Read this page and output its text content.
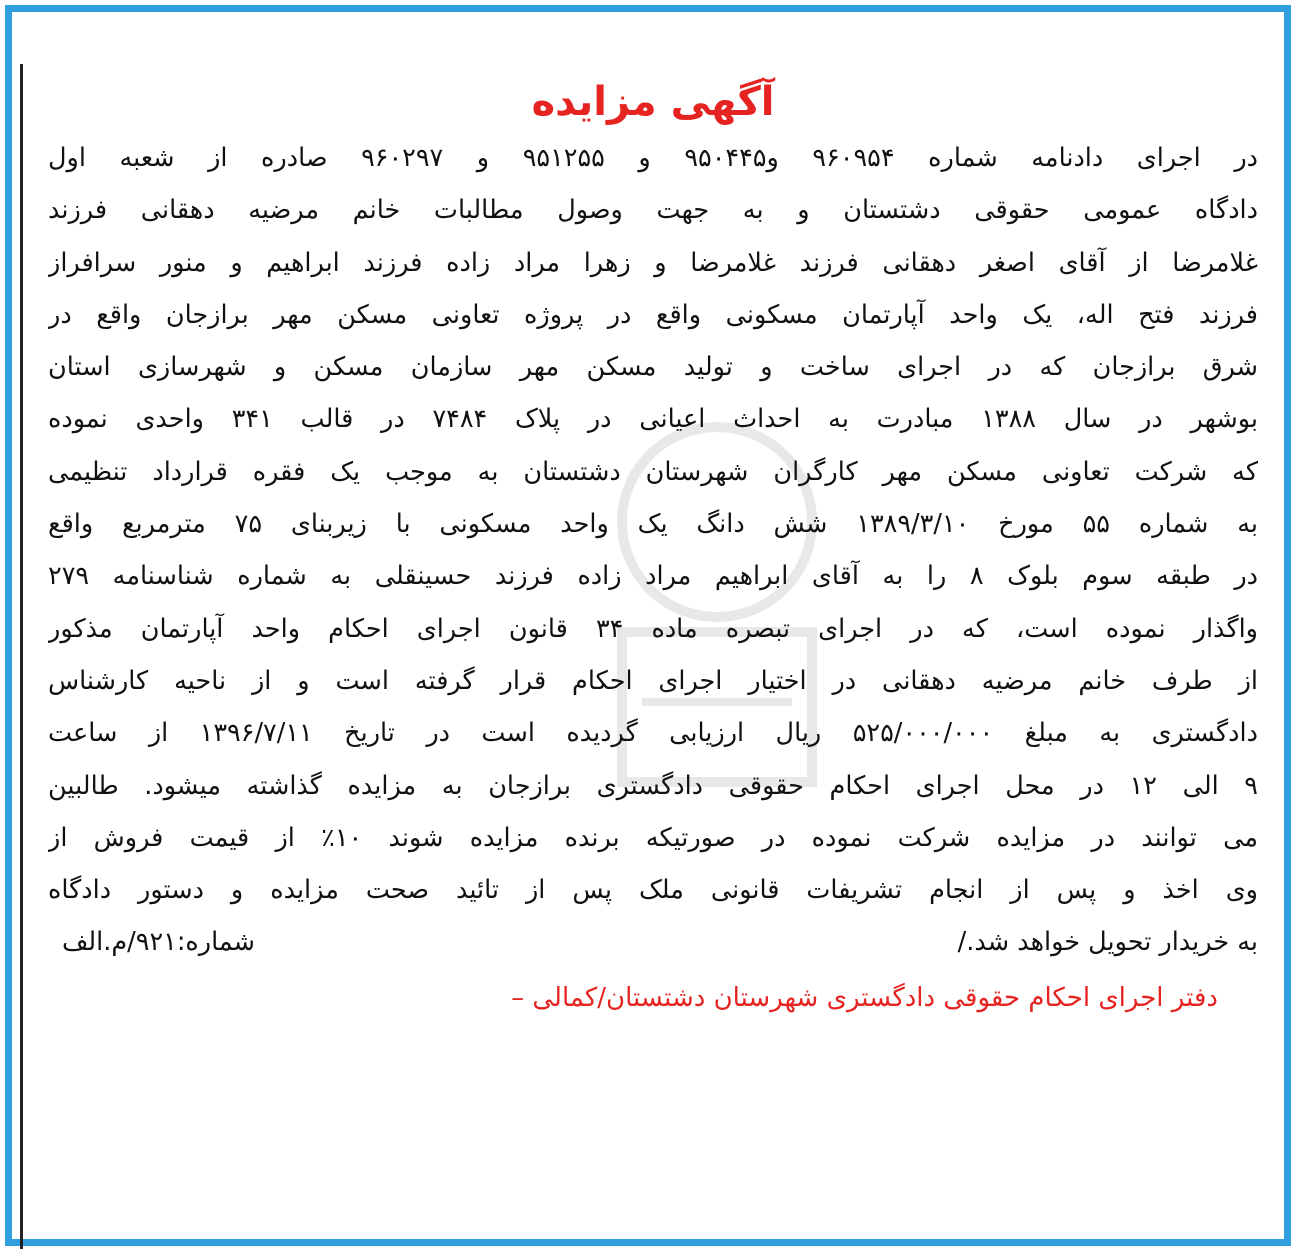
آگهی مزایده
در اجرای دادنامه شماره ۹۶۰۹۵۴ و۹۵۰۴۴۵ و ۹۵۱۲۵۵ و ۹۶۰۲۹۷ صادره از شعبه اول
دادگاه عمومی حقوقی دشتستان و به جهت وصول مطالبات خانم مرضیه دهقانی فرزند
غلامرضا از آقای اصغر دهقانی فرزند غلامرضا و زهرا مراد زاده فرزند ابراهیم و منور سرافراز
فرزند فتح اله، یک واحد آپارتمان مسکونی واقع در پروژه تعاونی مسکن مهر برازجان واقع در
شرق برازجان که در اجرای ساخت و تولید مسکن مهر سازمان مسکن و شهرسازی استان
بوشهر در سال ۱۳۸۸ مبادرت به احداث اعیانی در پلاک ۷۴۸۴ در قالب ۳۴۱ واحدی نموده
که شرکت تعاونی مسکن مهر کارگران شهرستان دشتستان به موجب یک فقره قرارداد تنظیمی
به شماره ۵۵ مورخ ۱۳۸۹/۳/۱۰ شش دانگ یک واحد مسکونی با زیربنای ۷۵ مترمربع واقع
در طبقه سوم بلوک ۸ را به آقای ابراهیم مراد زاده فرزند حسینقلی به شماره شناسنامه ۲۷۹
واگذار نموده است، که در اجرای تبصره ماده ۳۴ قانون اجرای احکام واحد آپارتمان مذکور
از طرف خانم مرضیه دهقانی در اختیار اجرای احکام قرار گرفته است و از ناحیه کارشناس
دادگستری به مبلغ ۵۲۵/۰۰۰/۰۰۰ ریال ارزیابی گردیده است در تاریخ ۱۳۹۶/۷/۱۱ از ساعت
۹ الی ۱۲ در محل اجرای احکام حقوقی دادگستری برازجان به مزایده گذاشته میشود. طالبین
می توانند در مزایده شرکت نموده در صورتیکه برنده مزایده شوند ۱۰٪ از قیمت فروش از
وی اخذ و پس از انجام تشریفات قانونی ملک پس از تائید صحت مزایده و دستور دادگاه
به خریدار تحویل خواهد شد./
شماره:۹۲۱/م.الف
دفتر اجرای احکام حقوقی دادگستری شهرستان دشتستان/کمالی –
